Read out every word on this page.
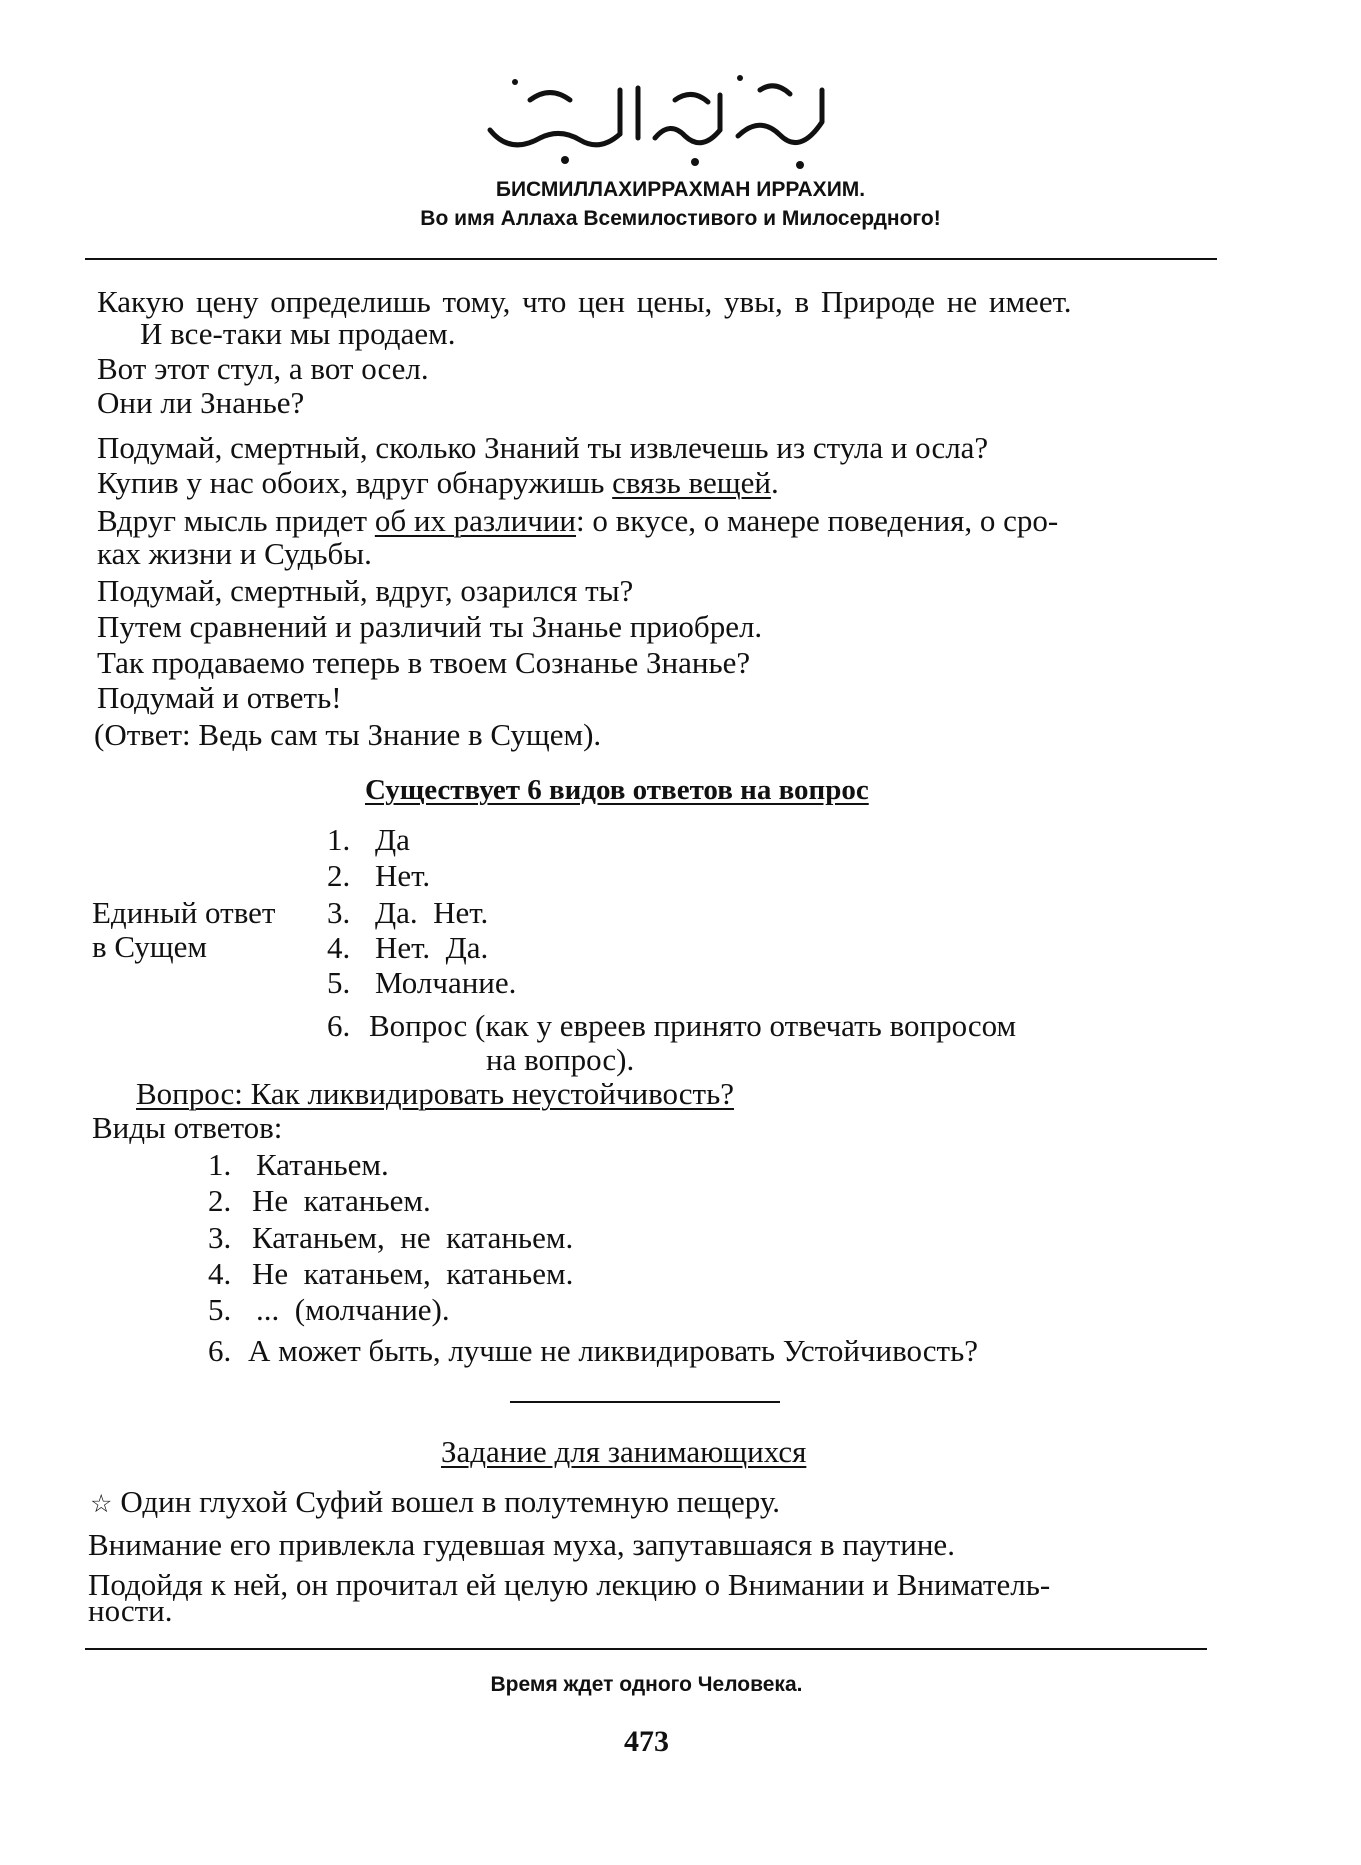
БИСМИЛЛАХИРРАХМАН ИРРАХИМ.
Во имя Аллаха Всемилостивого и Милосердного!
Какую цену определишь тому, что цен цены, увы, в Природе не имеет.
И все-таки мы продаем.
Вот этот стул, а вот осел.
Они ли Знанье?
Подумай, смертный, сколько Знаний ты извлечешь из стула и осла?
Купив у нас обоих, вдруг обнаружишь связь вещей.
Вдруг мысль придет об их различии: о вкусе, о манере поведения, о сро-
ках жизни и Судьбы.
Подумай, смертный, вдруг, озарился ты?
Путем сравнений и различий ты Знанье приобрел.
Так продаваемо теперь в твоем Сознанье Знанье?
Подумай и ответь!
(Ответ: Ведь сам ты Знание в Сущем).
Существует 6 видов ответов на вопрос
Единый ответ
в Сущем
1. Да
2. Нет.
3. Да.  Нет.
4. Нет.  Да.
5. Молчание.
6. Вопрос (как у евреев принято отвечать вопросом
на вопрос).
Вопрос: Как ликвидировать неустойчивость?
Виды ответов:
1. Катаньем.
2. Не  катаньем.
3. Катаньем,  не  катаньем.
4. Не  катаньем,  катаньем.
5. ...  (молчание).
6. А может быть, лучше не ликвидировать Устойчивость?
Задание для занимающихся
☆ Один глухой Суфий вошел в полутемную пещеру.
Внимание его привлекла гудевшая муха, запутавшаяся в паутине.
Подойдя к ней, он прочитал ей целую лекцию о Внимании и Вниматель-
ности.
Время ждет одного Человека.
473
